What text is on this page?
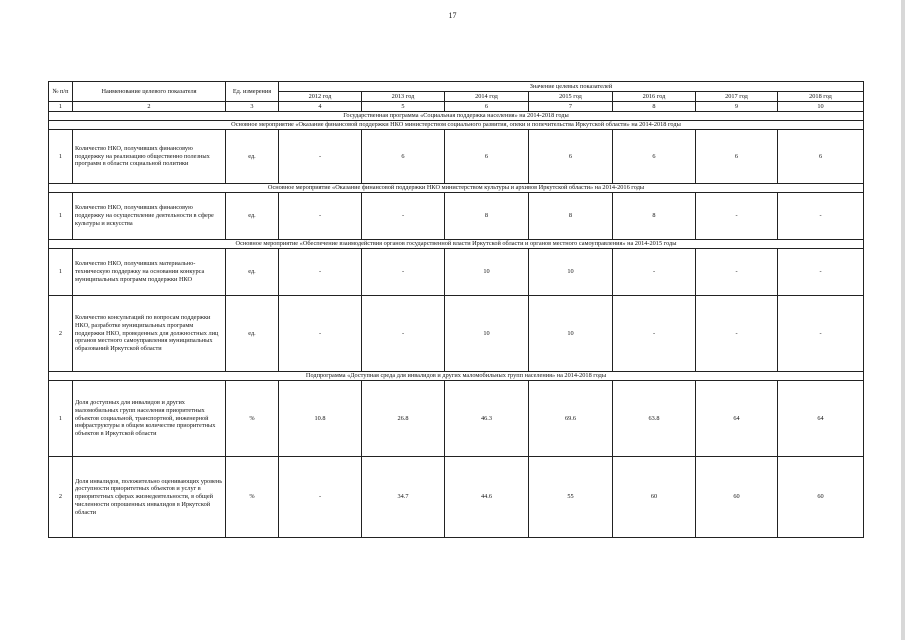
17
№ п/п	Наименование целевого показателя	Ед. измерения	Значение целевых показателей						
			2012 год	2013 год	2014 год	2015 год	2016 год	2017 год	2018 год
1	2	3	4	5	6	7	8	9	10
Государственная программа «Социальная поддержка населения» на 2014-2018 годы									
Основное мероприятие «Оказание финансовой поддержки НКО министерством социального развития, опеки и попечительства Иркутской области» на 2014-2018 годы									
1	Количество НКО, получивших финансовую поддержку на реализацию общественно полезных программ в области социальной политики	ед.	-	6	6	6	6	6	6
Основное мероприятие «Оказание финансовой поддержки НКО министерством культуры и архивов Иркутской области» на 2014-2016 годы									
1	Количество НКО, получивших финансовую поддержку на осуществление деятельности в сфере культуры и искусства	ед.	-	-	8	8	8	-	-
Основное мероприятие «Обеспечение взаимодействия органов государственной власти Иркутской области и органов местного самоуправления» на 2014-2015 годы									
1	Количество НКО, получивших материально-техническую поддержку на основании конкурса муниципальных программ поддержки НКО	ед.	-	-	10	10	-	-	-
2	Количество консультаций по вопросам поддержки НКО, разработке муниципальных программ поддержки НКО, проведенных для должностных лиц органов местного самоуправления муниципальных образований Иркутской области	ед.	-	-	10	10	-	-	-
Подпрограмма «Доступная среда для инвалидов и других маломобильных групп населения» на 2014-2018 годы									
1	Доля доступных для инвалидов и других маломобильных групп населения приоритетных объектов социальной, транспортной, инженерной инфраструктуры в общем количестве приоритетных объектов в Иркутской области	%	10.8	26.8	46.3	69.6	63.8	64	64
2	Доля инвалидов, положительно оценивающих уровень доступности приоритетных объектов и услуг в приоритетных сферах жизнедеятельности, в общей численности опрошенных инвалидов в Иркутской области	%	-	34.7	44.6	55	60	60	60
